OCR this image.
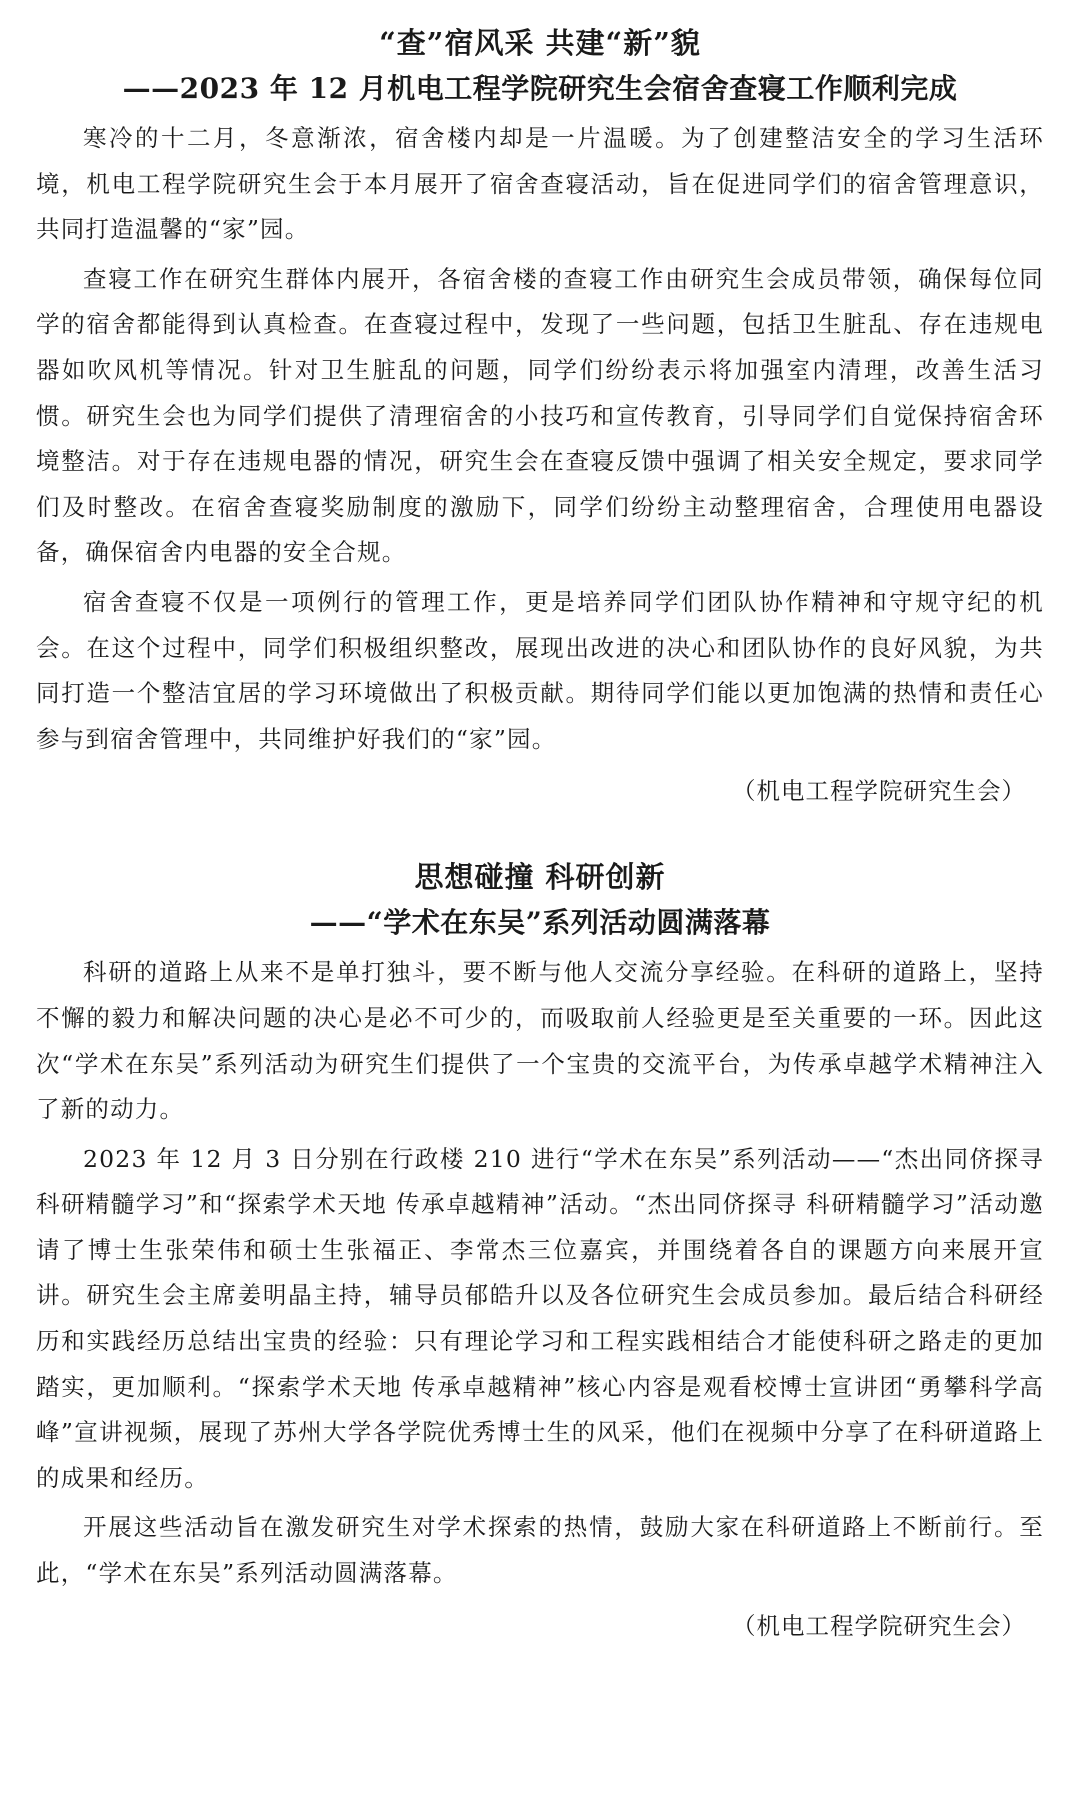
“查”宿风采 共建“新”貌
——2023 年 12 月机电工程学院研究生会宿舍查寝工作顺利完成

寒冷的十二月，冬意渐浓，宿舍楼内却是一片温暖。为了创建整洁安全的学习生活环境，机电工程学院研究生会于本月展开了宿舍查寝活动，旨在促进同学们的宿舍管理意识，共同打造温馨的“家”园。

查寝工作在研究生群体内展开，各宿舍楼的查寝工作由研究生会成员带领，确保每位同学的宿舍都能得到认真检查。在查寝过程中，发现了一些问题，包括卫生脏乱、存在违规电器如吹风机等情况。针对卫生脏乱的问题，同学们纷纷表示将加强室内清理，改善生活习惯。研究生会也为同学们提供了清理宿舍的小技巧和宣传教育，引导同学们自觉保持宿舍环境整洁。对于存在违规电器的情况，研究生会在查寝反馈中强调了相关安全规定，要求同学们及时整改。在宿舍查寝奖励制度的激励下，同学们纷纷主动整理宿舍，合理使用电器设备，确保宿舍内电器的安全合规。

宿舍查寝不仅是一项例行的管理工作，更是培养同学们团队协作精神和守规守纪的机会。在这个过程中，同学们积极组织整改，展现出改进的决心和团队协作的良好风貌，为共同打造一个整洁宜居的学习环境做出了积极贡献。期待同学们能以更加饱满的热情和责任心参与到宿舍管理中，共同维护好我们的“家”园。

（机电工程学院研究生会）
思想碰撞 科研创新
——“学术在东吴”系列活动圆满落幕

科研的道路上从来不是单打独斗，要不断与他人交流分享经验。在科研的道路上，坚持不懈的毅力和解决问题的决心是必不可少的，而吸取前人经验更是至关重要的一环。因此这次“学术在东吴”系列活动为研究生们提供了一个宝贵的交流平台，为传承卓越学术精神注入了新的动力。

2023 年 12 月 3 日分别在行政楼 210 进行“学术在东吴”系列活动——“杰出同侪探寻 科研精髓学习”和“探索学术天地 传承卓越精神”活动。“杰出同侪探寻 科研精髓学习”活动邀请了博士生张荣伟和硕士生张福正、李常杰三位嘉宾，并围绕着各自的课题方向来展开宣讲。研究生会主席姜明晶主持，辅导员郁皓升以及各位研究生会成员参加。最后结合科研经历和实践经历总结出宝贵的经验：只有理论学习和工程实践相结合才能使科研之路走的更加踏实，更加顺利。“探索学术天地 传承卓越精神”核心内容是观看校博士宣讲团“勇攀科学高峰”宣讲视频，展现了苏州大学各学院优秀博士生的风采，他们在视频中分享了在科研道路上的成果和经历。

开展这些活动旨在激发研究生对学术探索的热情，鼓励大家在科研道路上不断前行。至此，“学术在东吴”系列活动圆满落幕。

（机电工程学院研究生会）
